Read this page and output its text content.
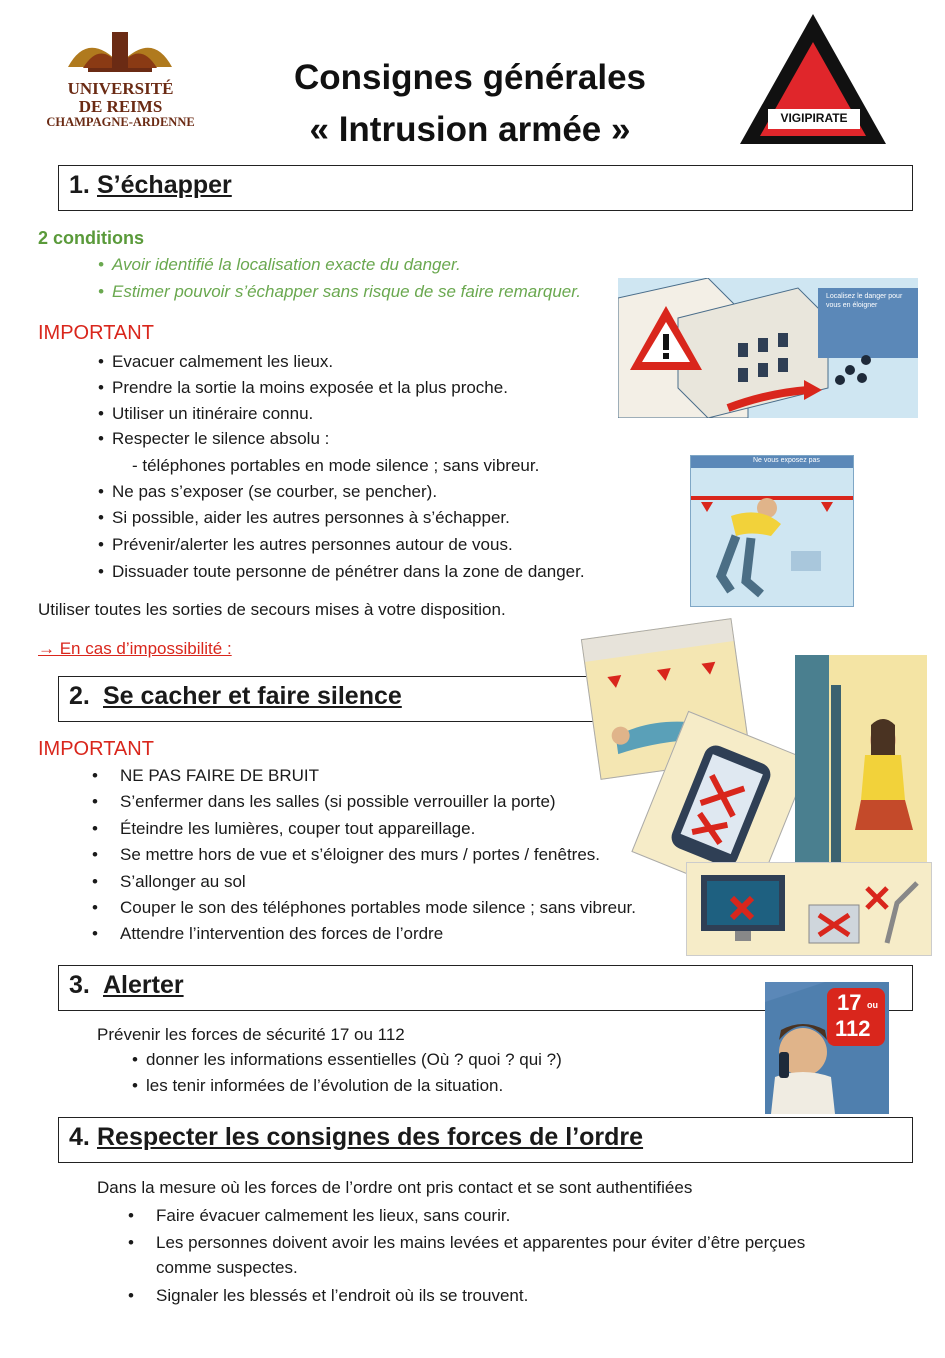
UNIVERSITÉ
DE REIMS
CHAMPAGNE-ARDENNE
Consignes générales
« Intrusion armée »	VIGIPIRATE
1. S’échapper
2 conditions
• Avoir identifié la localisation exacte du danger.
• Estimer pouvoir s’échapper sans risque de se faire remarquer.
IMPORTANT
• Evacuer calmement les lieux.
• Prendre la sortie la moins exposée et la plus proche.
• Utiliser un itinéraire connu.
• Respecter le silence absolu :
- téléphones portables en mode silence ; sans vibreur.
• Ne pas s’exposer (se courber, se pencher).
• Si possible, aider les autres personnes à s’échapper.
• Prévenir/alerter les autres personnes autour de vous.
• Dissuader toute personne de pénétrer dans la zone de danger.
Utiliser toutes les sorties de secours mises à votre disposition.
→ En cas d’impossibilité :
Localisez le danger pour vous en éloigner
Ne vous exposez pas
2. Se cacher et faire silence
IMPORTANT
• NE PAS FAIRE DE BRUIT
• S’enfermer dans les salles (si possible verrouiller la porte)
• Éteindre les lumières, couper tout appareillage.
• Se mettre hors de vue et s’éloigner des murs / portes / fenêtres.
• S’allonger au sol
• Couper le son des téléphones portables mode silence ; sans vibreur.
• Attendre l’intervention des forces de l’ordre
3. Alerter
Prévenir les forces de sécurité 17 ou 112
• donner les informations essentielles (Où ? quoi ? qui ?)
• les tenir informées de l’évolution de la situation.
17 ou
112
4. Respecter les consignes des forces de l’ordre
Dans la mesure où les forces de l’ordre ont pris contact et se sont authentifiées
• Faire évacuer calmement les lieux, sans courir.
• Les personnes doivent avoir les mains levées et apparentes pour éviter d’être perçues
comme suspectes.
• Signaler les blessés et l’endroit où ils se trouvent.
